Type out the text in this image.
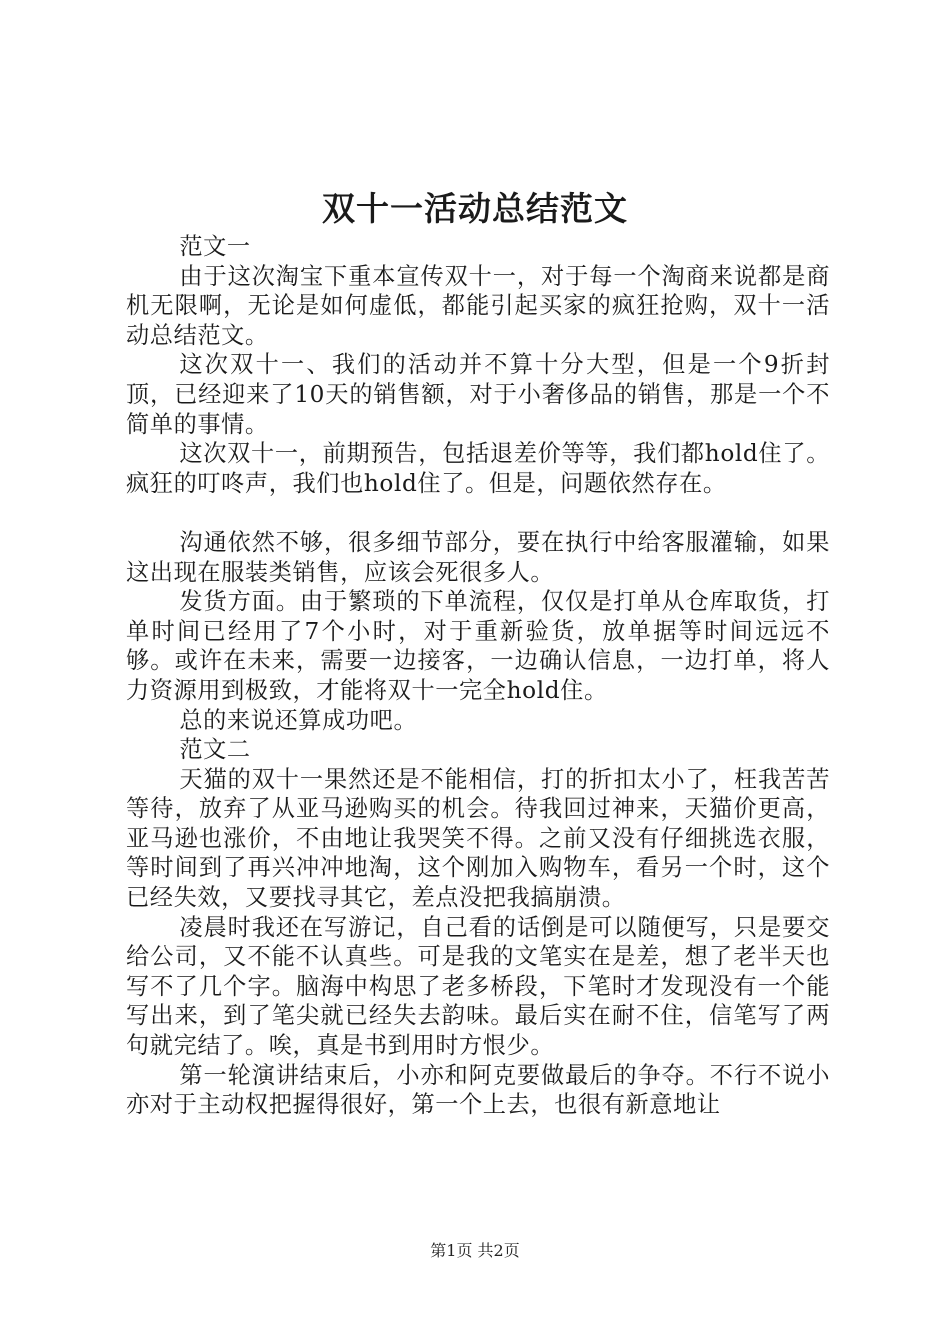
双十一活动总结范文

范文一

由于这次淘宝下重本宣传双十一，对于每一个淘商来说都是商机无限啊，无论是如何虚低，都能引起买家的疯狂抢购，双十一活动总结范文。

这次双十一、我们的活动并不算十分大型，但是一个9折封顶，已经迎来了10天的销售额，对于小奢侈品的销售，那是一个不简单的事情。

这次双十一，前期预告，包括退差价等等，我们都hold住了。疯狂的叮咚声，我们也hold住了。但是，问题依然存在。

沟通依然不够，很多细节部分，要在执行中给客服灌输，如果这出现在服装类销售，应该会死很多人。

发货方面。由于繁琐的下单流程，仅仅是打单从仓库取货，打单时间已经用了7个小时，对于重新验货，放单据等时间远远不够。或许在未来，需要一边接客，一边确认信息，一边打单，将人力资源用到极致，才能将双十一完全hold住。

总的来说还算成功吧。

范文二

天猫的双十一果然还是不能相信，打的折扣太小了，枉我苦苦等待，放弃了从亚马逊购买的机会。待我回过神来，天猫价更高，亚马逊也涨价，不由地让我哭笑不得。之前又没有仔细挑选衣服，等时间到了再兴冲冲地淘，这个刚加入购物车，看另一个时，这个已经失效，又要找寻其它，差点没把我搞崩溃。

凌晨时我还在写游记，自己看的话倒是可以随便写，只是要交给公司，又不能不认真些。可是我的文笔实在是差，想了老半天也写不了几个字。脑海中构思了老多桥段，下笔时才发现没有一个能写出来，到了笔尖就已经失去韵味。最后实在耐不住，信笔写了两句就完结了。唉，真是书到用时方恨少。

第一轮演讲结束后，小亦和阿克要做最后的争夺。不行不说小亦对于主动权把握得很好，第一个上去，也很有新意地让

第1页 共2页
